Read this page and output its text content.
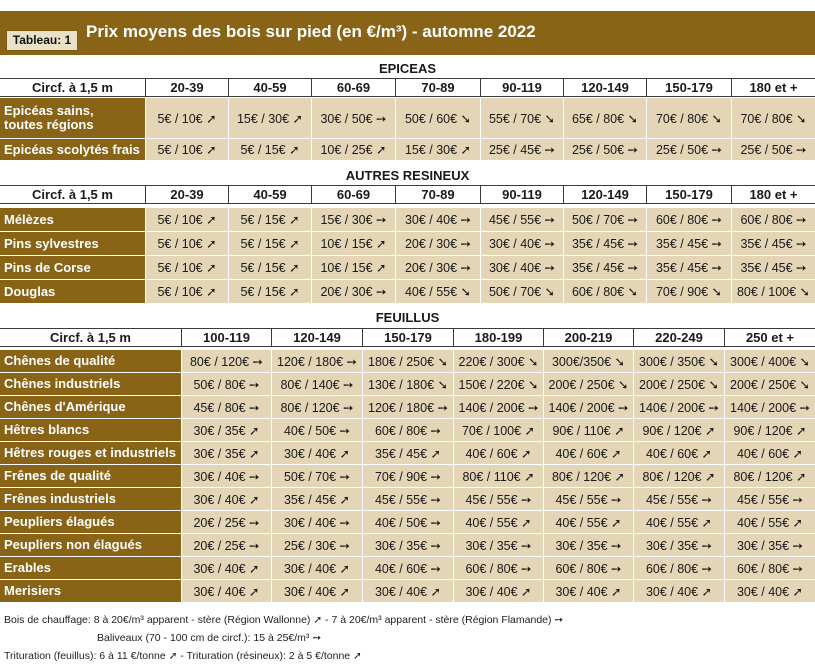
Tableau: 1 Prix moyens des bois sur pied (en €/m³) - automne 2022
EPICEAS
Circf. à 1,5 m	20-39	40-59	60-69	70-89	90-119	120-149	150-179	180 et +
Epicéas sains,
toutes régions	5€ / 10€ ➚	15€ / 30€ ➚	30€ / 50€ ➙	50€ / 60€ ➘	55€ / 70€ ➘	65€ / 80€ ➘	70€ / 80€ ➘	70€ / 80€ ➘
Epicéas scolytés frais	5€ / 10€ ➚	5€ / 15€ ➚	10€ / 25€ ➚	15€ / 30€ ➚	25€ / 45€ ➙	25€ / 50€ ➙	25€ / 50€ ➙	25€ / 50€ ➙
AUTRES RESINEUX
Circf. à 1,5 m	20-39	40-59	60-69	70-89	90-119	120-149	150-179	180 et +
Mélèzes	5€ / 10€ ➚	5€ / 15€ ➚	15€ / 30€ ➙	30€ / 40€ ➙	45€ / 55€ ➙	50€ / 70€ ➙	60€ / 80€ ➙	60€ / 80€ ➙
Pins sylvestres	5€ / 10€ ➚	5€ / 15€ ➚	10€ / 15€ ➚	20€ / 30€ ➙	30€ / 40€ ➙	35€ / 45€ ➙	35€ / 45€ ➙	35€ / 45€ ➙
Pins de Corse	5€ / 10€ ➚	5€ / 15€ ➚	10€ / 15€ ➚	20€ / 30€ ➙	30€ / 40€ ➙	35€ / 45€ ➙	35€ / 45€ ➙	35€ / 45€ ➙
Douglas	5€ / 10€ ➚	5€ / 15€ ➚	20€ / 30€ ➙	40€ / 55€ ➘	50€ / 70€ ➘	60€ / 80€ ➘	70€ / 90€ ➘	80€ / 100€ ➘
FEUILLUS
Circf. à 1,5 m	100-119	120-149	150-179	180-199	200-219	220-249	250 et +
Chênes de qualité	80€ / 120€ ➙	120€ / 180€ ➙ 180€ / 250€ ➘ 220€ / 300€ ➘	300€/350€ ➘	300€ / 350€ ➘ 300€ / 400€ ➘
Chênes industriels	50€ / 80€ ➙	80€ / 140€ ➙	130€ / 180€ ➘ 150€ / 220€ ➘ 200€ / 250€ ➘ 200€ / 250€ ➘ 200€ / 250€ ➘
Chênes d'Amérique	45€ / 80€ ➙	80€ / 120€ ➙	120€ / 180€ ➙ 140€ / 200€ ➙ 140€ / 200€ ➙ 140€ / 200€ ➙ 140€ / 200€ ➙
Hêtres blancs	30€ / 35€ ➚	40€ / 50€ ➙	60€ / 80€ ➙	70€ / 100€ ➚	90€ / 110€ ➚	90€ / 120€ ➚	90€ / 120€ ➚
Hêtres rouges et industriels	30€ / 35€ ➚	30€ / 40€ ➚	35€ / 45€ ➚	40€ / 60€ ➚	40€ / 60€ ➚	40€ / 60€ ➚	40€ / 60€ ➚
Frênes de qualité	30€ / 40€ ➙	50€ / 70€ ➙	70€ / 90€ ➙	80€ / 110€ ➚	80€ / 120€ ➚	80€ / 120€ ➚	80€ / 120€ ➚
Frênes industriels	30€ / 40€ ➚	35€ / 45€ ➚	45€ / 55€ ➙	45€ / 55€ ➙	45€ / 55€ ➙	45€ / 55€ ➙	45€ / 55€ ➙
Peupliers élagués	20€ / 25€ ➙	30€ / 40€ ➙	40€ / 50€ ➙	40€ / 55€ ➚	40€ / 55€ ➚	40€ / 55€ ➚	40€ / 55€ ➚
Peupliers non élagués	20€ / 25€ ➙	25€ / 30€ ➙	30€ / 35€ ➙	30€ / 35€ ➙	30€ / 35€ ➙	30€ / 35€ ➙	30€ / 35€ ➙
Erables	30€ / 40€ ➚	30€ / 40€ ➚	40€ / 60€ ➙	60€ / 80€ ➙	60€ / 80€ ➙	60€ / 80€ ➙	60€ / 80€ ➙
Merisiers	30€ / 40€ ➚	30€ / 40€ ➚	30€ / 40€ ➚	30€ / 40€ ➚	30€ / 40€ ➚	30€ / 40€ ➚	30€ / 40€ ➚
Bois de chauffage: 8 à 20€/m³ apparent - stère (Région Wallonne) ➚ - 7 à 20€/m³ apparent - stère (Région Flamande) ➙
Baliveaux (70 - 100 cm de circf.): 15 à 25€/m³ ➙
Trituration (feuillus): 6 à 11 €/tonne ➚ - Trituration (résineux): 2 à 5 €/tonne ➚
